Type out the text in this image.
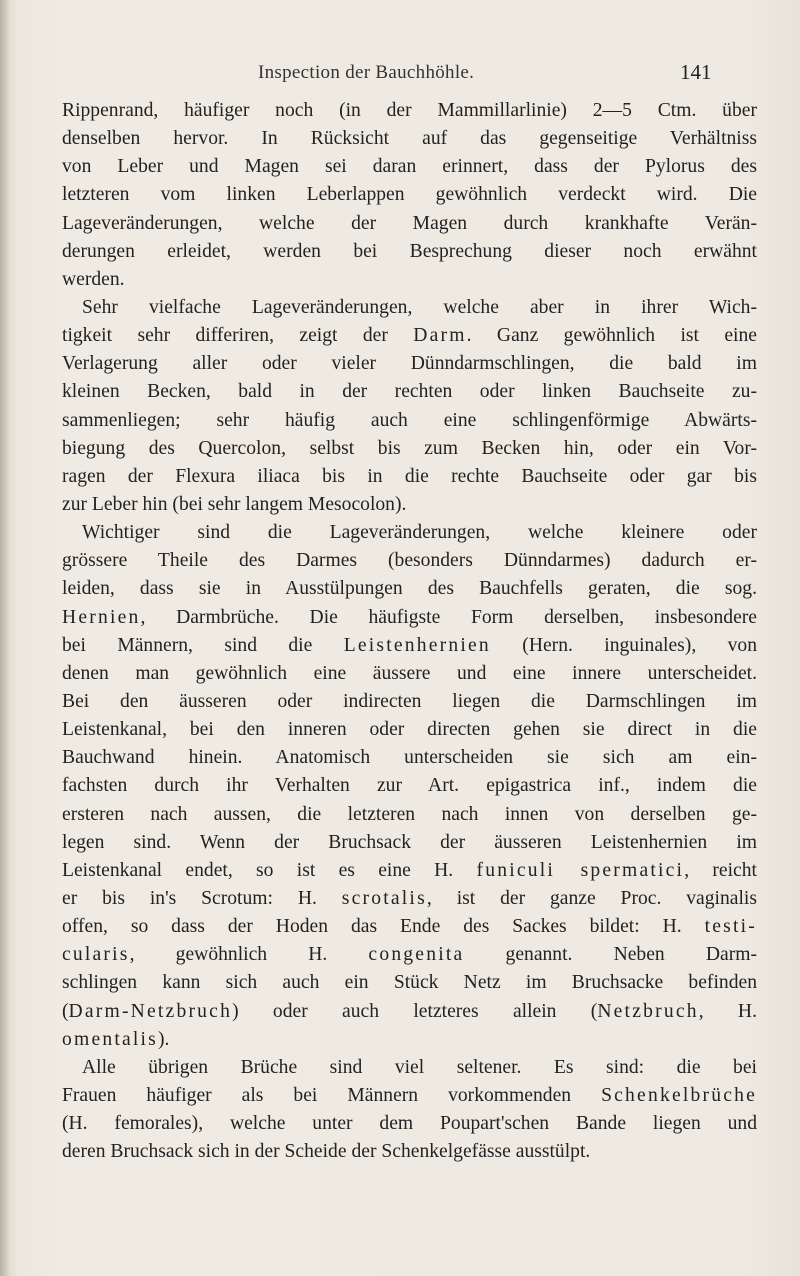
Inspection der Bauchhöhle.	141
Rippenrand, häufiger noch (in der Mammillarlinie) 2—5 Ctm. über
denselben hervor. In Rücksicht auf das gegenseitige Verhältniss
von Leber und Magen sei daran erinnert, dass der Pylorus des
letzteren vom linken Leberlappen gewöhnlich verdeckt wird. Die
Lageveränderungen, welche der Magen durch krankhafte Verän-
derungen erleidet, werden bei Besprechung dieser noch erwähnt
werden.
Sehr vielfache Lageveränderungen, welche aber in ihrer Wich-
tigkeit sehr differiren, zeigt der Darm. Ganz gewöhnlich ist eine
Verlagerung aller oder vieler Dünndarmschlingen, die bald im
kleinen Becken, bald in der rechten oder linken Bauchseite zu-
sammenliegen; sehr häufig auch eine schlingenförmige Abwärts-
biegung des Quercolon, selbst bis zum Becken hin, oder ein Vor-
ragen der Flexura iliaca bis in die rechte Bauchseite oder gar bis
zur Leber hin (bei sehr langem Mesocolon).
Wichtiger sind die Lageveränderungen, welche kleinere oder
grössere Theile des Darmes (besonders Dünndarmes) dadurch er-
leiden, dass sie in Ausstülpungen des Bauchfells geraten, die sog.
Hernien, Darmbrüche. Die häufigste Form derselben, insbesondere
bei Männern, sind die Leistenhernien (Hern. inguinales), von
denen man gewöhnlich eine äussere und eine innere unterscheidet.
Bei den äusseren oder indirecten liegen die Darmschlingen im
Leistenkanal, bei den inneren oder directen gehen sie direct in die
Bauchwand hinein. Anatomisch unterscheiden sie sich am ein-
fachsten durch ihr Verhalten zur Art. epigastrica inf., indem die
ersteren nach aussen, die letzteren nach innen von derselben ge-
legen sind. Wenn der Bruchsack der äusseren Leistenhernien im
Leistenkanal endet, so ist es eine H. funiculi spermatici, reicht
er bis in's Scrotum: H. scrotalis, ist der ganze Proc. vaginalis
offen, so dass der Hoden das Ende des Sackes bildet: H. testi-
cularis, gewöhnlich H. congenita genannt. Neben Darm-
schlingen kann sich auch ein Stück Netz im Bruchsacke befinden
(Darm-Netzbruch) oder auch letzteres allein (Netzbruch, H.
omentalis).
Alle übrigen Brüche sind viel seltener. Es sind: die bei
Frauen häufiger als bei Männern vorkommenden Schenkelbrüche
(H. femorales), welche unter dem Poupart'schen Bande liegen und
deren Bruchsack sich in der Scheide der Schenkelgefässe ausstülpt.
